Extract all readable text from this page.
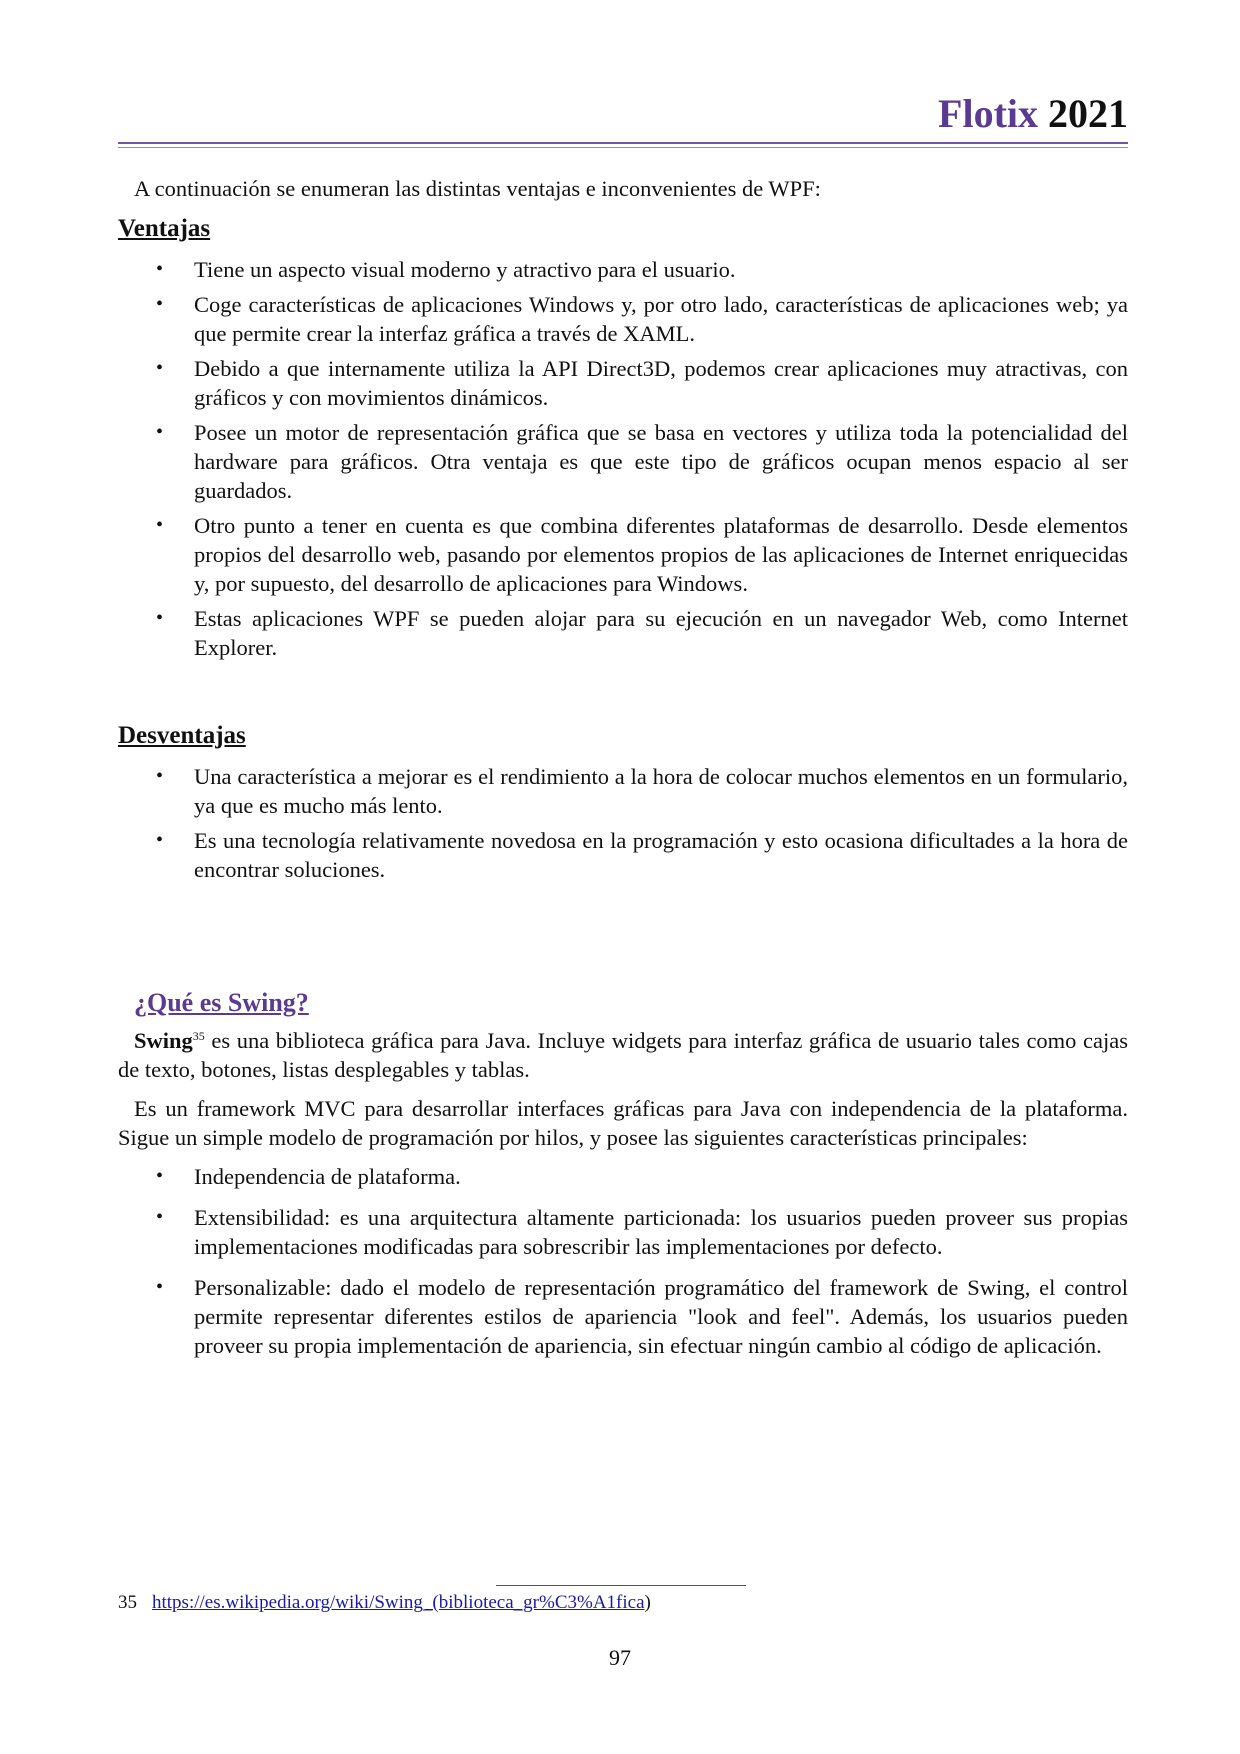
Flotix 2021

A continuación se enumeran las distintas ventajas e inconvenientes de WPF:

Ventajas
• Tiene un aspecto visual moderno y atractivo para el usuario.
• Coge características de aplicaciones Windows y, por otro lado, características de aplicaciones web; ya que permite crear la interfaz gráfica a través de XAML.
• Debido a que internamente utiliza la API Direct3D, podemos crear aplicaciones muy atractivas, con gráficos y con movimientos dinámicos.
• Posee un motor de representación gráfica que se basa en vectores y utiliza toda la potencialidad del hardware para gráficos. Otra ventaja es que este tipo de gráficos ocupan menos espacio al ser guardados.
• Otro punto a tener en cuenta es que combina diferentes plataformas de desarrollo. Desde elementos propios del desarrollo web, pasando por elementos propios de las aplicaciones de Internet enriquecidas y, por supuesto, del desarrollo de aplicaciones para Windows.
• Estas aplicaciones WPF se pueden alojar para su ejecución en un navegador Web, como Internet Explorer.
Desventajas
• Una característica a mejorar es el rendimiento a la hora de colocar muchos elementos en un formulario, ya que es mucho más lento.
• Es una tecnología relativamente novedosa en la programación y esto ocasiona dificultades a la hora de encontrar soluciones.
¿Qué es Swing?

Swing$^{35}$ es una biblioteca gráfica para Java. Incluye widgets para interfaz gráfica de usuario tales como cajas de texto, botones, listas desplegables y tablas.

Es un framework MVC para desarrollar interfaces gráficas para Java con independencia de la plataforma. Sigue un simple modelo de programación por hilos, y posee las siguientes características principales:

• Independencia de plataforma.
• Extensibilidad: es una arquitectura altamente particionada: los usuarios pueden proveer sus propias implementaciones modificadas para sobrescribir las implementaciones por defecto.
• Personalizable: dado el modelo de representación programático del framework de Swing, el control permite representar diferentes estilos de apariencia "look and feel". Además, los usuarios pueden proveer su propia implementación de apariencia, sin efectuar ningún cambio al código de aplicación.
35 https://es.wikipedia.org/wiki/Swing_(biblioteca_gr%C3%A1fica)
97
